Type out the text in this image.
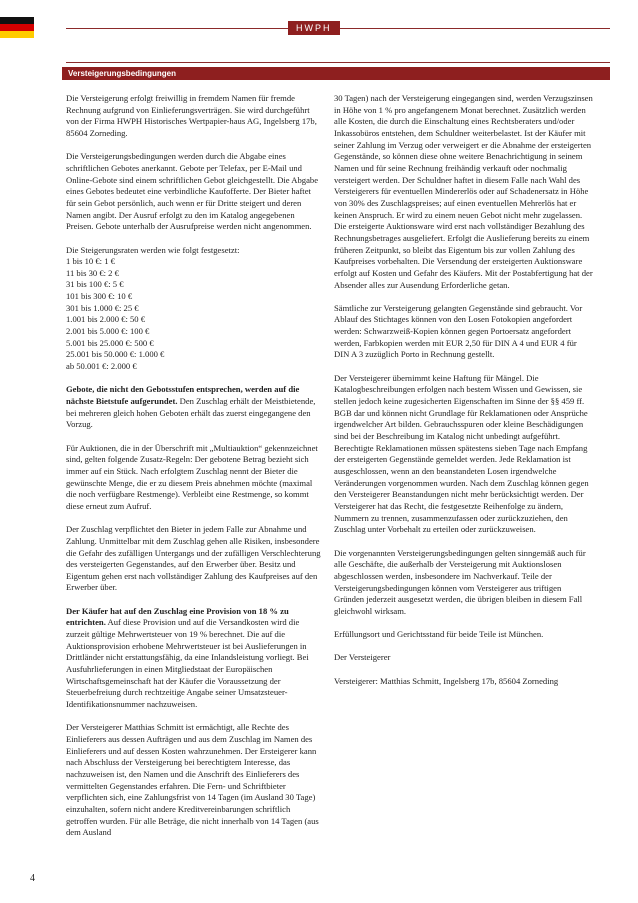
HWPH
Versteigerungsbedingungen

Die Versteigerung erfolgt freiwillig in fremdem Namen für fremde Rechnung aufgrund von Einlieferungsverträgen. Sie wird durchgeführt von der Firma HWPH Historisches Wertpapier-haus AG, Ingelsberg 17b, 85604 Zorneding.

Die Versteigerungsbedingungen werden durch die Abgabe eines schriftlichen Gebotes anerkannt. Gebote per Telefax, per E-Mail und Online-Gebote sind einem schriftlichen Gebot gleichgestellt. Die Abgabe eines Gebotes bedeutet eine verbindliche Kaufofferte. Der Bieter haftet für sein Gebot persönlich, auch wenn er für Dritte steigert und deren Namen angibt. Der Ausruf erfolgt zu den im Katalog angegebenen Preisen. Gebote unterhalb der Ausrufpreise werden nicht angenommen.

Die Steigerungsraten werden wie folgt festgesetzt:

1 bis 10 €: 1 €
11 bis 30 €: 2 €
31 bis 100 €: 5 €
101 bis 300 €: 10 €
301 bis 1.000 €: 25 €
1.001 bis 2.000 €: 50 €
2.001 bis 5.000 €: 100 €
5.001 bis 25.000 €: 500 €
25.001 bis 50.000 €: 1.000 €
ab 50.001 €: 2.000 €

Gebote, die nicht den Gebotsstufen entsprechen, werden auf die nächste Bietstufe aufgerundet. Den Zuschlag erhält der Meistbietende, bei mehreren gleich hohen Geboten erhält das zuerst eingegangene den Vorzug.

Für Auktionen, die in der Überschrift mit „Multiauktion“ gekennzeichnet sind, gelten folgende Zusatz-Regeln: Der gebotene Betrag bezieht sich immer auf ein Stück. Nach erfolgtem Zuschlag nennt der Bieter die gewünschte Menge, die er zu diesem Preis abnehmen möchte (maximal die noch verfügbare Restmenge). Verbleibt eine Restmenge, so kommt diese erneut zum Aufruf.

Der Zuschlag verpflichtet den Bieter in jedem Falle zur Abnahme und Zahlung. Unmittelbar mit dem Zuschlag gehen alle Risiken, insbesondere die Gefahr des zufälligen Untergangs und der zufälligen Verschlechterung des versteigerten Gegenstandes, auf den Erwerber über. Besitz und Eigentum gehen erst nach vollständiger Zahlung des Kaufpreises auf den Erwerber über.

Der Käufer hat auf den Zuschlag eine Provision von 18 % zu entrichten. Auf diese Provision und auf die Versandkosten wird die zurzeit gültige Mehrwertsteuer von 19 % berechnet. Die auf die Auktionsprovision erhobene Mehrwertsteuer ist bei Auslieferungen in Drittländer nicht erstattungsfähig, da eine Inlandsleistung vorliegt. Bei Ausfuhrlieferungen in einen Mitgliedstaat der Europäischen Wirtschaftsgemeinschaft hat der Käufer die Voraussetzung der Steuerbefreiung durch rechtzeitige Angabe seiner Umsatzsteuer-Identifikationsnummer nachzuweisen.

Der Versteigerer Matthias Schmitt ist ermächtigt, alle Rechte des Einlieferers aus dessen Aufträgen und aus dem Zuschlag im Namen des Einlieferers und auf dessen Kosten wahrzunehmen. Der Ersteigerer kann nach Abschluss der Versteigerung bei berechtigtem Interesse, das nachzuweisen ist, den Namen und die Anschrift des Einlieferers des vermittelten Gegenstandes erfahren. Die Fern- und Schriftbieter verpflichten sich, eine Zahlungsfrist von 14 Tagen (im Ausland 30 Tage) einzuhalten, sofern nicht andere Kreditvereinbarungen schriftlich getroffen wurden. Für alle Beträge, die nicht innerhalb von 14 Tagen (aus dem Ausland

30 Tagen) nach der Versteigerung eingegangen sind, werden Verzugszinsen in Höhe von 1 % pro angefangenem Monat berechnet. Zusätzlich werden alle Kosten, die durch die Einschaltung eines Rechtsberaters und/oder Inkassobüros entstehen, dem Schuldner weiterbelastet. Ist der Käufer mit seiner Zahlung im Verzug oder verweigert er die Abnahme der ersteigerten Gegenstände, so können diese ohne weitere Benachrichtigung in seinem Namen und für seine Rechnung freihändig verkauft oder nochmalig versteigert werden. Der Schuldner haftet in diesem Falle nach Wahl des Versteigerers für eventuellen Mindererlös oder auf Schadenersatz in Höhe von 30% des Zuschlagspreises; auf einen eventuellen Mehrerlös hat er keinen Anspruch. Er wird zu einem neuen Gebot nicht mehr zugelassen.

Die ersteigerte Auktionsware wird erst nach vollständiger Bezahlung des Rechnungsbetrages ausgeliefert. Erfolgt die Auslieferung bereits zu einem früheren Zeitpunkt, so bleibt das Eigentum bis zur vollen Zahlung des Kaufpreises vorbehalten. Die Versendung der ersteigerten Auktionsware erfolgt auf Kosten und Gefahr des Käufers. Mit der Postabfertigung hat der Absender alles zur Ausendung Erforderliche getan.

Sämtliche zur Versteigerung gelangten Gegenstände sind gebraucht. Vor Ablauf des Stichtages können von den Losen Fotokopien angefordert werden: Schwarzweiß-Kopien können gegen Portoersatz angefordert werden, Farbkopien werden mit EUR 2,50 für DIN A 4 und EUR 4 für DIN A 3 zuzüglich Porto in Rechnung gestellt.

Der Versteigerer übernimmt keine Haftung für Mängel. Die Katalogbeschreibungen erfolgen nach bestem Wissen und Gewissen, sie stellen jedoch keine zugesicherten Eigenschaften im Sinne der §§ 459 ff. BGB dar und können nicht Grundlage für Reklamationen oder Ansprüche irgendwelcher Art bilden. Gebrauchsspuren oder kleine Beschädigungen sind bei der Beschreibung im Katalog nicht unbedingt aufgeführt. Berechtigte Reklamationen müssen spätestens sieben Tage nach Empfang der ersteigerten Gegenstände gemeldet werden. Jede Reklamation ist ausgeschlossen, wenn an den beanstandeten Losen irgendwelche Veränderungen vorgenommen wurden. Nach dem Zuschlag können gegen den Versteigerer Beanstandungen nicht mehr berücksichtigt werden. Der Versteigerer hat das Recht, die festgesetzte Reihenfolge zu ändern, Nummern zu trennen, zusammenzufassen oder zurückzuziehen, den Zuschlag unter Vorbehalt zu erteilen oder zurückzuweisen.

Die vorgenannten Versteigerungsbedingungen gelten sinngemäß auch für alle Geschäfte, die außerhalb der Versteigerung mit Auktionslosen abgeschlossen werden, insbesondere im Nachverkauf. Teile der Versteigerungsbedingungen können vom Versteigerer aus triftigen Gründen jederzeit ausgesetzt werden, die übrigen bleiben in diesem Fall gleichwohl wirksam.

Erfüllungsort und Gerichtsstand für beide Teile ist München.

Der Versteigerer

Versteigerer: Matthias Schmitt, Ingelsberg 17b, 85604 Zorneding

4
